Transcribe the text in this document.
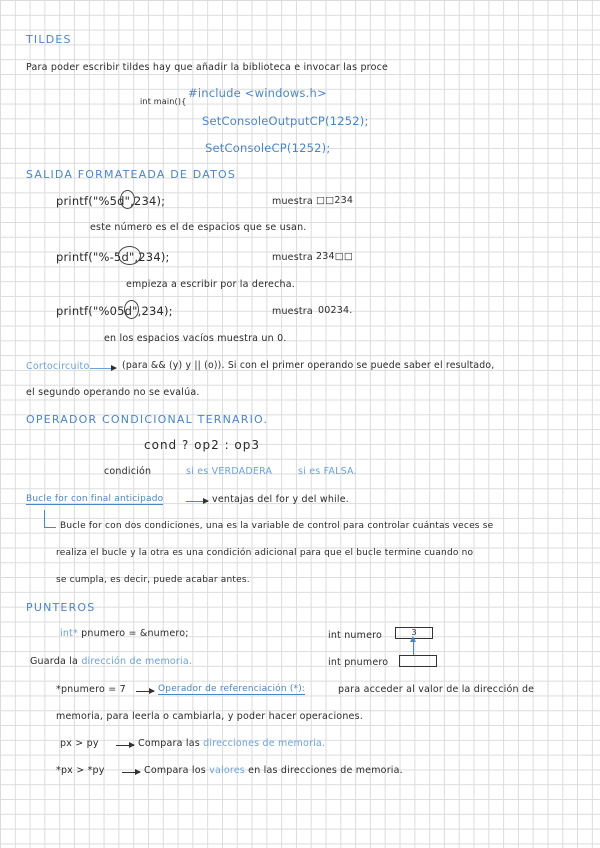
TILDES
Para poder escribir tildes hay que añadir la biblioteca e invocar las proce
#include <windows.h>
int main(){
SetConsoleOutputCP(1252);
SetConsoleCP(1252);
SALIDA FORMATEADA DE DATOS
printf("%5d",234);	muestra □□234
este número es el de espacios que se usan.
printf("%-5d",234);	muestra 234□□
empieza a escribir por la derecha.
printf("%05d",234);	muestra 00234.
en los espacios vacíos muestra un 0.
Cortocircuito	(para && (y) y || (o)). Si con el primer operando se puede saber el resultado,
el segundo operando no se evalúa.
OPERADOR CONDICIONAL TERNARIO.
cond ? op2 : op3
condición	si es VERDADERA	si es FALSA.
Bucle for con final anticipado	ventajas del for y del while.
Bucle for con dos condiciones, una es la variable de control para controlar cuántas veces se
realiza el bucle y la otra es una condición adicional para que el bucle termine cuando no
se cumpla, es decir, puede acabar antes.
PUNTEROS
int* pnumero = &numero;	int numero	3
Guarda la dirección de memoria.	int pnumero
*pnumero = 7	Operador de referenciación (*):	para acceder al valor de la dirección de
memoria, para leerla o cambiarla, y poder hacer operaciones.
px > py	Compara las direcciones de memoria.
*px > *py	Compara los valores en las direcciones de memoria.
